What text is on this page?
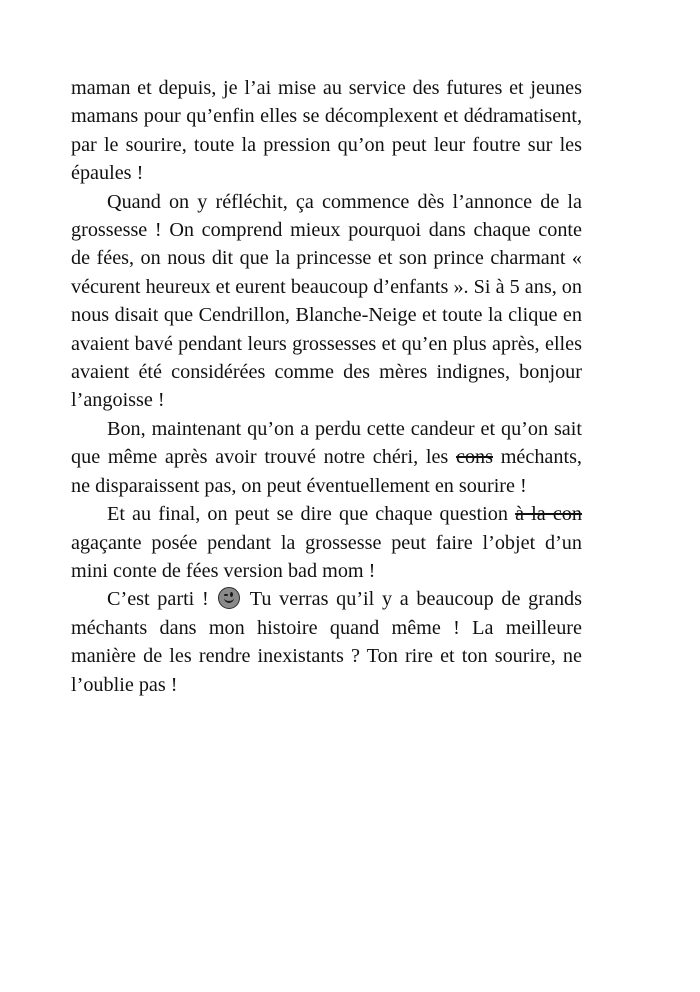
maman et depuis, je l’ai mise au service des futures et jeunes mamans pour qu’enfin elles se décomplexent et dédramatisent, par le sourire, toute la pression qu’on peut leur foutre sur les épaules !

Quand on y réfléchit, ça commence dès l’annonce de la grossesse ! On comprend mieux pourquoi dans chaque conte de fées, on nous dit que la princesse et son prince charmant « vécurent heureux et eurent beaucoup d’enfants ». Si à 5 ans, on nous disait que Cendrillon, Blanche-Neige et toute la clique en avaient bavé pendant leurs grossesses et qu’en plus après, elles avaient été considérées comme des mères indignes, bonjour l’angoisse !

Bon, maintenant qu’on a perdu cette candeur et qu’on sait que même après avoir trouvé notre chéri, les cons méchants, ne disparaissent pas, on peut éventuellement en sourire !

Et au final, on peut se dire que chaque question à la con agaçante posée pendant la grossesse peut faire l’objet d’un mini conte de fées version bad mom !

C’est parti !
Tu verras qu’il y a beaucoup de grands méchants dans mon histoire quand même ! La meilleure manière de les rendre inexistants ? Ton rire et ton sourire, ne l’oublie pas !
